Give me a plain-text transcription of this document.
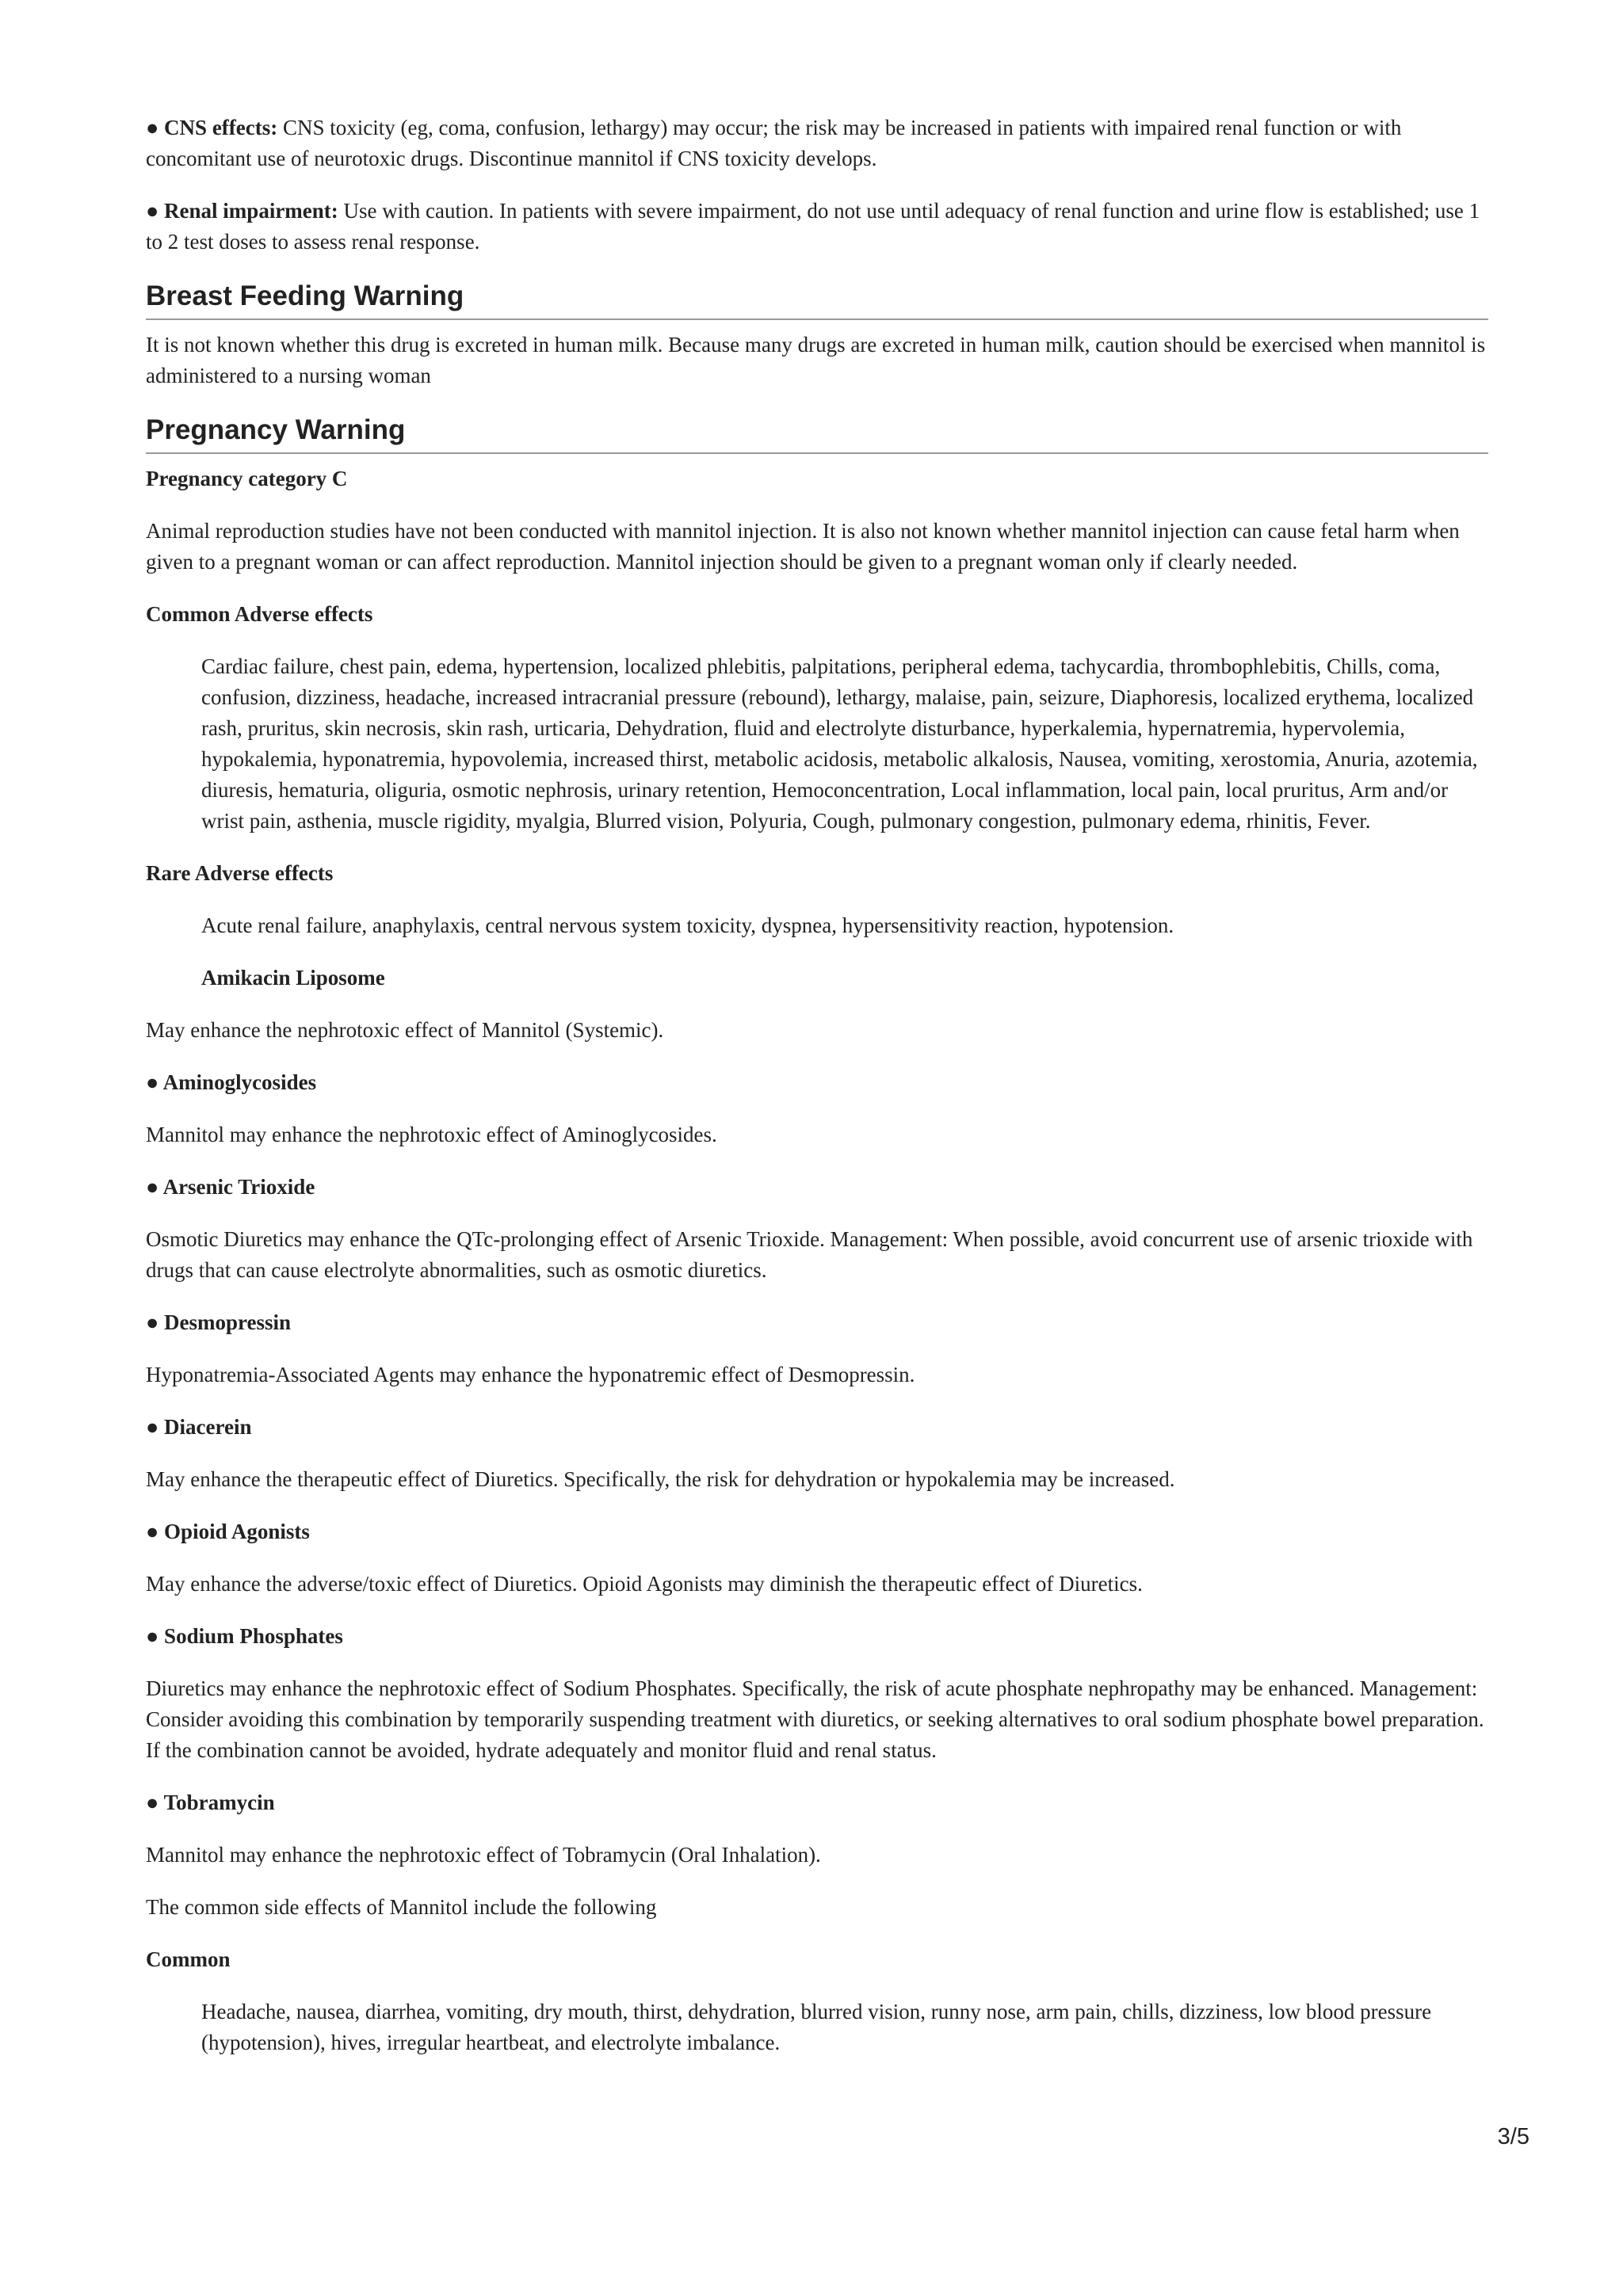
● CNS effects: CNS toxicity (eg, coma, confusion, lethargy) may occur; the risk may be increased in patients with impaired renal function or with concomitant use of neurotoxic drugs. Discontinue mannitol if CNS toxicity develops.

● Renal impairment: Use with caution. In patients with severe impairment, do not use until adequacy of renal function and urine flow is established; use 1 to 2 test doses to assess renal response.

Breast Feeding Warning

It is not known whether this drug is excreted in human milk. Because many drugs are excreted in human milk, caution should be exercised when mannitol is administered to a nursing woman

Pregnancy Warning

Pregnancy category C

Animal reproduction studies have not been conducted with mannitol injection. It is also not known whether mannitol injection can cause fetal harm when given to a pregnant woman or can affect reproduction. Mannitol injection should be given to a pregnant woman only if clearly needed.

Common Adverse effects

Cardiac failure, chest pain, edema, hypertension, localized phlebitis, palpitations, peripheral edema, tachycardia, thrombophlebitis, Chills, coma, confusion, dizziness, headache, increased intracranial pressure (rebound), lethargy, malaise, pain, seizure, Diaphoresis, localized erythema, localized rash, pruritus, skin necrosis, skin rash, urticaria, Dehydration, fluid and electrolyte disturbance, hyperkalemia, hypernatremia, hypervolemia, hypokalemia, hyponatremia, hypovolemia, increased thirst, metabolic acidosis, metabolic alkalosis, Nausea, vomiting, xerostomia, Anuria, azotemia, diuresis, hematuria, oliguria, osmotic nephrosis, urinary retention, Hemoconcentration, Local inflammation, local pain, local pruritus, Arm and/or wrist pain, asthenia, muscle rigidity, myalgia, Blurred vision, Polyuria, Cough, pulmonary congestion, pulmonary edema, rhinitis, Fever.

Rare Adverse effects

Acute renal failure, anaphylaxis, central nervous system toxicity, dyspnea, hypersensitivity reaction, hypotension.

Amikacin Liposome

May enhance the nephrotoxic effect of Mannitol (Systemic).

● Aminoglycosides

Mannitol may enhance the nephrotoxic effect of Aminoglycosides.

● Arsenic Trioxide

Osmotic Diuretics may enhance the QTc-prolonging effect of Arsenic Trioxide. Management: When possible, avoid concurrent use of arsenic trioxide with drugs that can cause electrolyte abnormalities, such as osmotic diuretics.

● Desmopressin

Hyponatremia-Associated Agents may enhance the hyponatremic effect of Desmopressin.

● Diacerein

May enhance the therapeutic effect of Diuretics. Specifically, the risk for dehydration or hypokalemia may be increased.

● Opioid Agonists

May enhance the adverse/toxic effect of Diuretics. Opioid Agonists may diminish the therapeutic effect of Diuretics.

● Sodium Phosphates

Diuretics may enhance the nephrotoxic effect of Sodium Phosphates. Specifically, the risk of acute phosphate nephropathy may be enhanced. Management: Consider avoiding this combination by temporarily suspending treatment with diuretics, or seeking alternatives to oral sodium phosphate bowel preparation. If the combination cannot be avoided, hydrate adequately and monitor fluid and renal status.

● Tobramycin

Mannitol may enhance the nephrotoxic effect of Tobramycin (Oral Inhalation).

The common side effects of Mannitol include the following

Common

Headache, nausea, diarrhea, vomiting, dry mouth, thirst, dehydration, blurred vision, runny nose, arm pain, chills, dizziness, low blood pressure (hypotension), hives, irregular heartbeat, and electrolyte imbalance.

3/5
